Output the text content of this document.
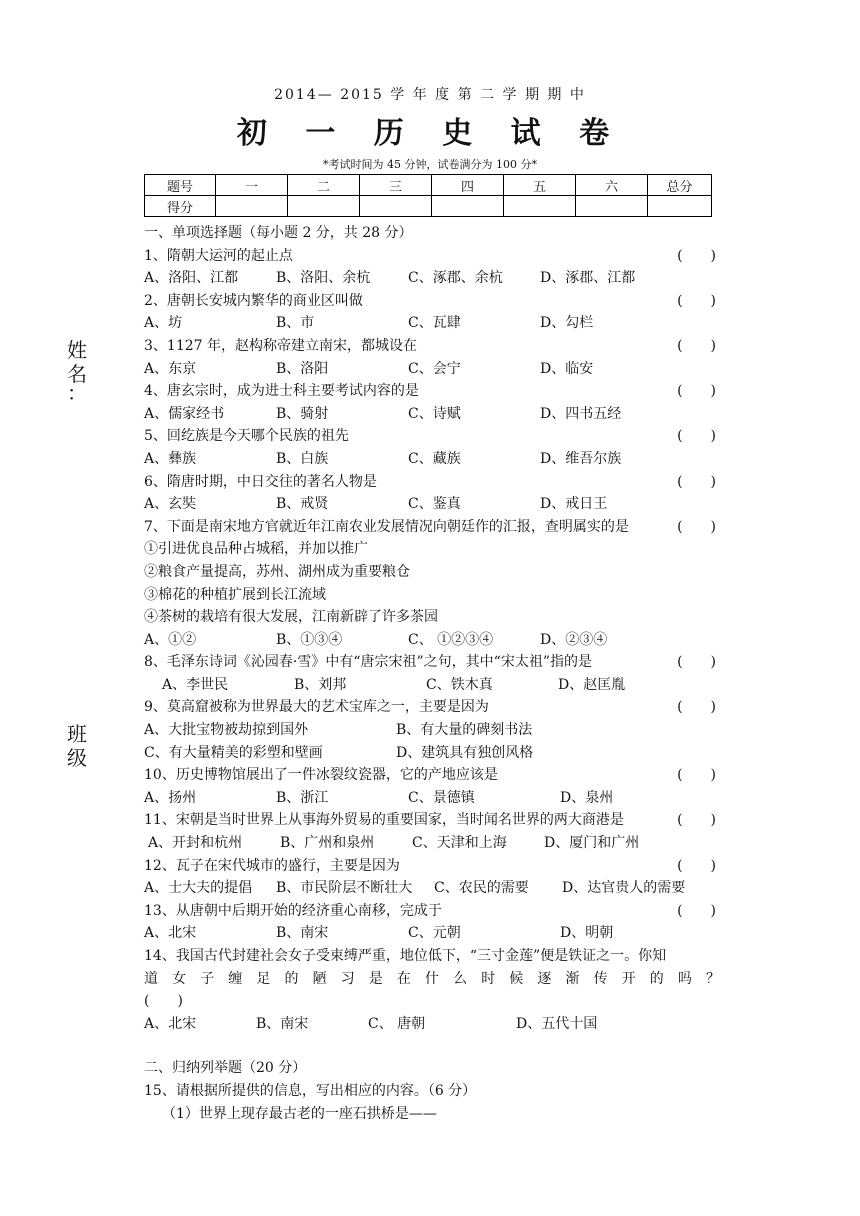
2014— 2015 学 年 度 第 二 学 期 期 中
初 一 历 史 试 卷
*考试时间为 45 分钟，试卷满分为 100 分*
题号	一	二	三	四	五	六	总分
得分							
姓
名
：
班
级
一、单项选择题（每小题 2 分，共 28 分）
1、隋朝大运河的起止点	(　　)
A、洛阳、江都	B、洛阳、余杭	C、涿郡、余杭	D、涿郡、江都
2、唐朝长安城内繁华的商业区叫做	(　　)
A、坊	B、市	C、瓦肆	D、勾栏
3、1127 年，赵构称帝建立南宋，都城设在	(　　)
A、东京	B、洛阳	C、会宁	D、临安
4、唐玄宗时，成为进士科主要考试内容的是	(　　)
A、儒家经书	B、骑射	C、诗赋	D、四书五经
5、回纥族是今天哪个民族的祖先	(　　)
A、彝族	B、白族	C、藏族	D、维吾尔族
6、隋唐时期，中日交往的著名人物是	(　　)
A、玄奘	B、戒贤	C、鉴真	D、戒日王
7、下面是南宋地方官就近年江南农业发展情况向朝廷作的汇报，查明属实的是	(　　)
①引进优良品种占城稻，并加以推广
②粮食产量提高，苏州、湖州成为重要粮仓
③棉花的种植扩展到长江流域
④茶树的栽培有很大发展，江南新辟了许多茶园
A、①②	B、①③④	C、 ①②③④	D、②③④
8、毛泽东诗词《沁园春·雪》中有“唐宗宋祖”之句，其中“宋太祖”指的是	(　　)
A、李世民	B、刘邦	C、铁木真	D、赵匡胤
9、莫高窟被称为世界最大的艺术宝库之一，主要是因为	(　　)
A、大批宝物被劫掠到国外	B、有大量的碑刻书法
C、有大量精美的彩塑和壁画	D、建筑具有独创风格
10、历史博物馆展出了一件冰裂纹瓷器，它的产地应该是	(　　)
A、扬州	B、浙江	C、景德镇	D、泉州
11、宋朝是当时世界上从事海外贸易的重要国家，当时闻名世界的两大商港是	(　　)
A、开封和杭州	B、广州和泉州	C、天津和上海	D、厦门和广州
12、瓦子在宋代城市的盛行，主要是因为	(　　)
A、士大夫的提倡	B、市民阶层不断壮大	C、农民的需要	D、达官贵人的需要
13、从唐朝中后期开始的经济重心南移，完成于	(　　)
A、北宋	B、南宋	C、元朝	D、明朝
14、我国古代封建社会女子受束缚严重，地位低下，“三寸金莲”便是铁证之一。你知
道 女 子 缠 足 的 陋 习 是 在 什 么 时 候 逐 渐 传 开 的 吗 ？
(　　)
A、北宋	B、南宋	C、 唐朝	D、五代十国
二、归纳列举题（20 分）
15、请根据所提供的信息，写出相应的内容。（6 分）
（1）世界上现存最古老的一座石拱桥是——
